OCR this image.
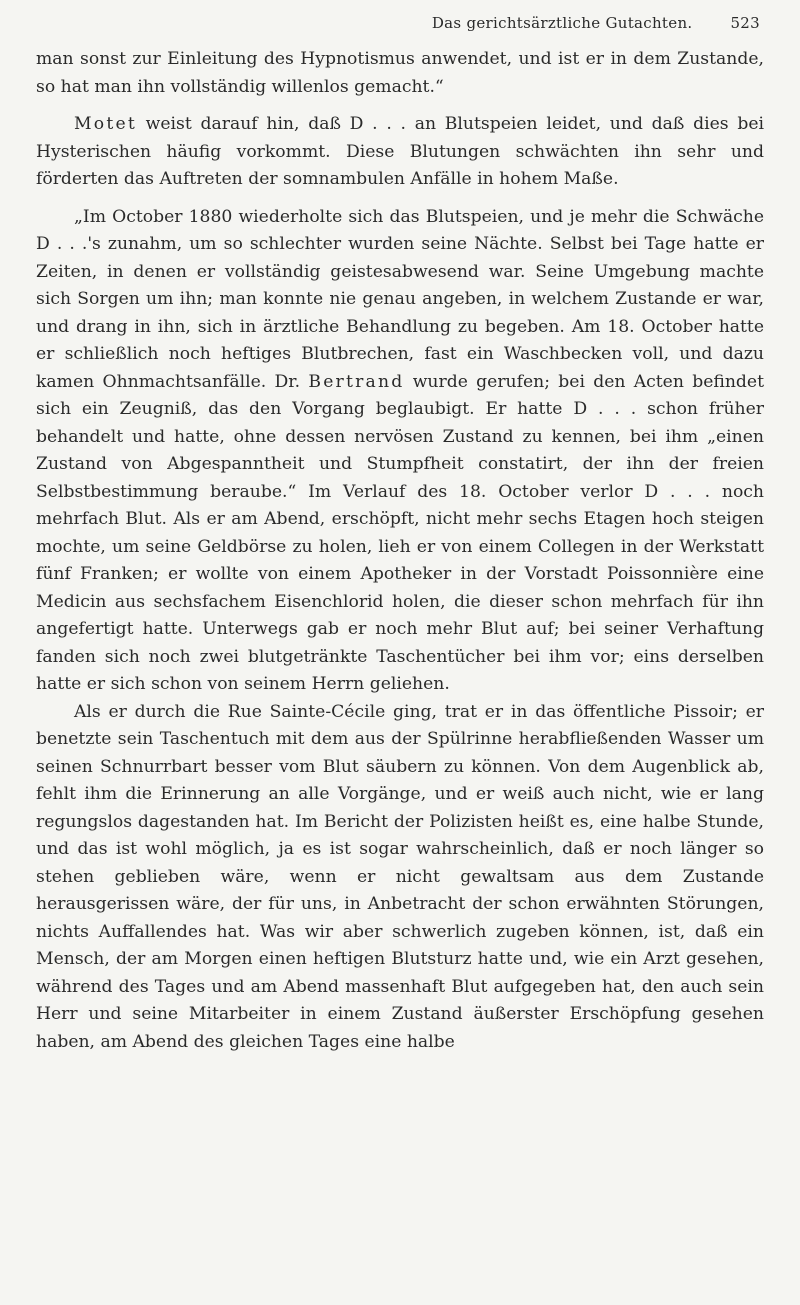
Das gerichtsärztliche Gutachten.	523

man sonst zur Einleitung des Hypnotismus anwendet, und ist er in dem Zustande, so hat man ihn vollständig willenlos gemacht.“

Motet weist darauf hin, daß D . . . an Blutspeien leidet, und daß dies bei Hysterischen häufig vorkommt. Diese Blutungen schwächten ihn sehr und förderten das Auftreten der somnambulen Anfälle in hohem Maße.

„Im October 1880 wiederholte sich das Blutspeien, und je mehr die Schwäche D . . .'s zunahm, um so schlechter wurden seine Nächte. Selbst bei Tage hatte er Zeiten, in denen er vollständig geistesabwesend war. Seine Umgebung machte sich Sorgen um ihn; man konnte nie genau angeben, in welchem Zustande er war, und drang in ihn, sich in ärztliche Behandlung zu begeben. Am 18. October hatte er schließlich noch heftiges Blutbrechen, fast ein Waschbecken voll, und dazu kamen Ohnmachtsanfälle. Dr. Bertrand wurde gerufen; bei den Acten befindet sich ein Zeugniß, das den Vorgang beglaubigt. Er hatte D . . . schon früher behandelt und hatte, ohne dessen nervösen Zustand zu kennen, bei ihm „einen Zustand von Abgespanntheit und Stumpfheit constatirt, der ihn der freien Selbstbestimmung beraube.“ Im Verlauf des 18. October verlor D . . . noch mehrfach Blut. Als er am Abend, erschöpft, nicht mehr sechs Etagen hoch steigen mochte, um seine Geldbörse zu holen, lieh er von einem Collegen in der Werkstatt fünf Franken; er wollte von einem Apotheker in der Vorstadt Poissonnière eine Medicin aus sechsfachem Eisenchlorid holen, die dieser schon mehrfach für ihn angefertigt hatte. Unterwegs gab er noch mehr Blut auf; bei seiner Verhaftung fanden sich noch zwei blutgetränkte Taschentücher bei ihm vor; eins derselben hatte er sich schon von seinem Herrn geliehen.

Als er durch die Rue Sainte-Cécile ging, trat er in das öffentliche Pissoir; er benetzte sein Taschentuch mit dem aus der Spülrinne herabfließenden Wasser um seinen Schnurrbart besser vom Blut säubern zu können. Von dem Augenblick ab, fehlt ihm die Erinnerung an alle Vorgänge, und er weiß auch nicht, wie er lang regungslos dagestanden hat. Im Bericht der Polizisten heißt es, eine halbe Stunde, und das ist wohl möglich, ja es ist sogar wahrscheinlich, daß er noch länger so stehen geblieben wäre, wenn er nicht gewaltsam aus dem Zustande herausgerissen wäre, der für uns, in Anbetracht der schon erwähnten Störungen, nichts Auffallendes hat. Was wir aber schwerlich zugeben können, ist, daß ein Mensch, der am Morgen einen heftigen Blutsturz hatte und, wie ein Arzt gesehen, während des Tages und am Abend massenhaft Blut aufgegeben hat, den auch sein Herr und seine Mitarbeiter in einem Zustand äußerster Erschöpfung gesehen haben, am Abend des gleichen Tages eine halbe
